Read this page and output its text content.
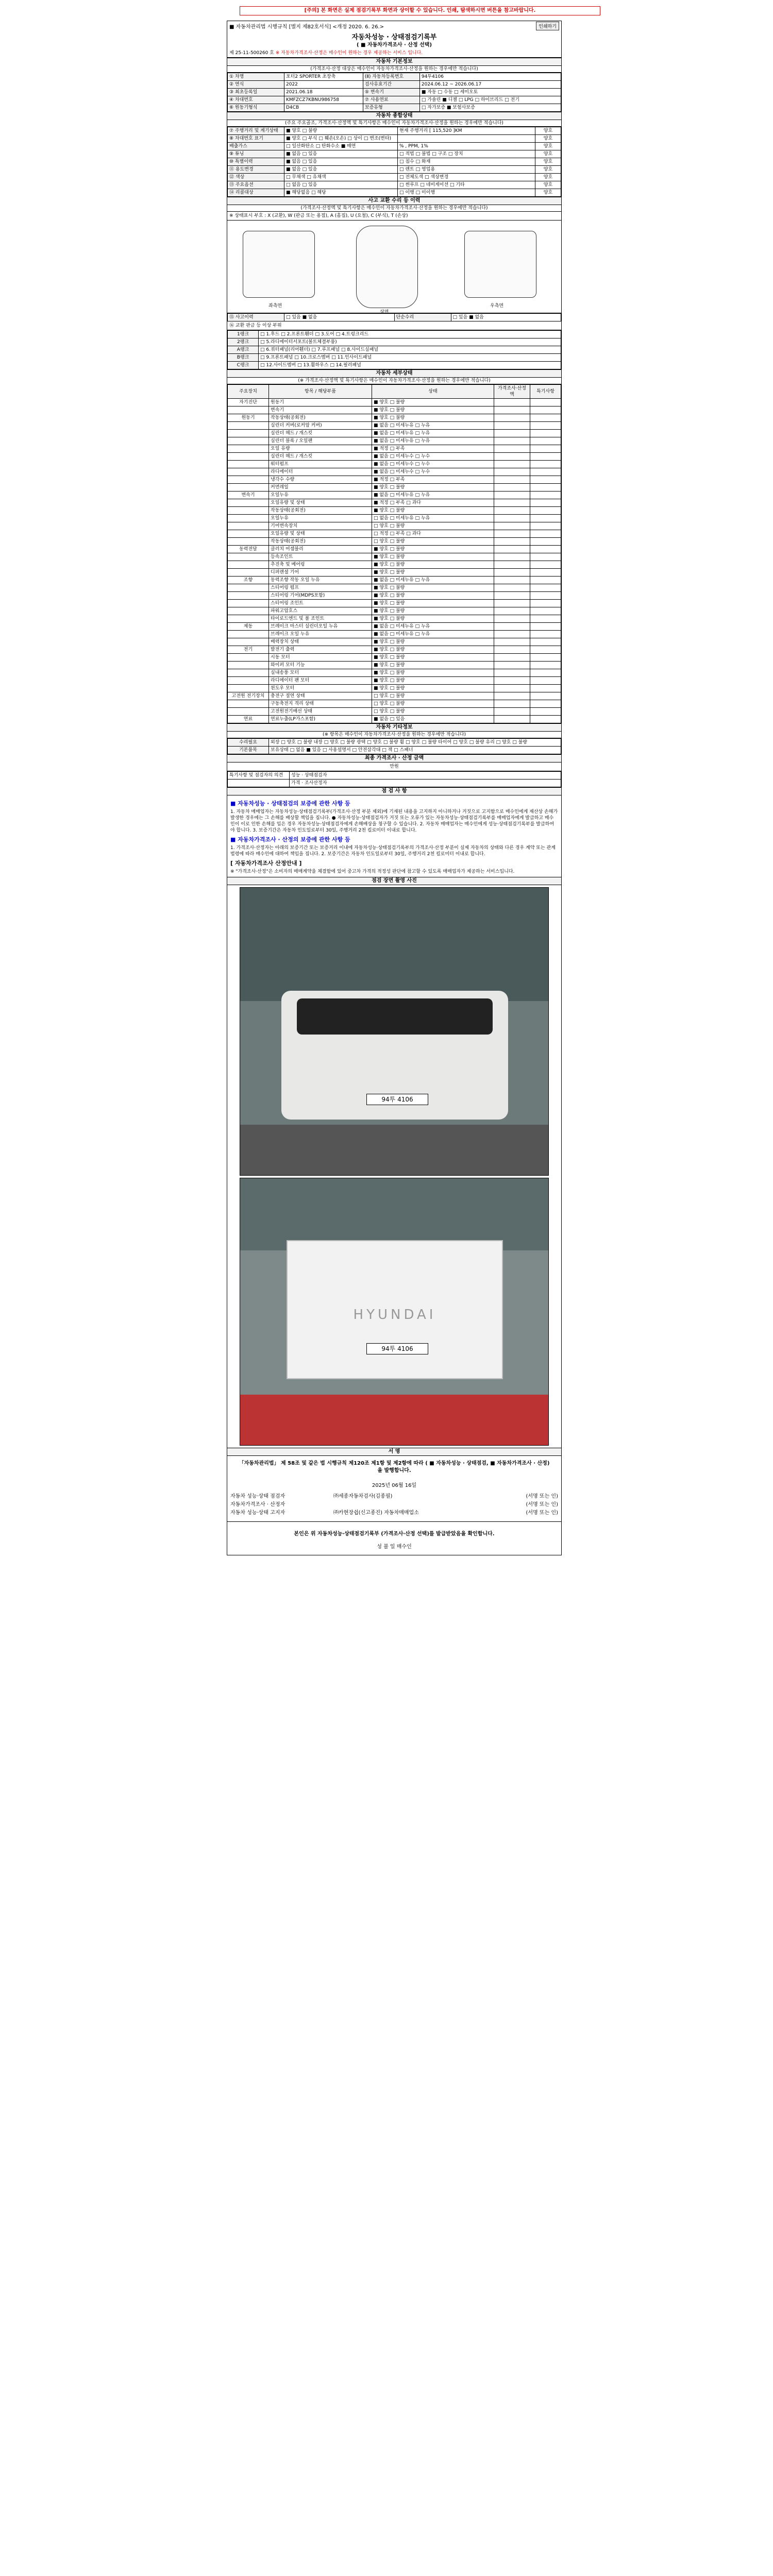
[주의] 본 화면은 실제 점검기록부 화면과 상이할 수 있습니다. 인쇄, 탐색하시면 버튼을 참고바랍니다.
■ 자동차관리법 시행규칙 [별지 제82호서식] <개정 2020. 6. 26.>	인쇄하기
자동차성능 · 상태점검기록부
( ■ 자동차가격조사 · 산정 선택)
제 25-11-500260 호 ※ 자동차가격조사·산정은 매수인이 원하는 경우 제공하는 서비스 입니다.
자동차 기본정보
(가격조사·산정 대상은 매수인이 자동차가격조사·산정을 원하는 경우에만 적습니다)
① 차명	포터2 SPORTER 초장축	(Ⅱ) 자동차등록번호	94투4106
② 연식	2022	검사유효기간	2024.06.12 ~ 2026.06.17
③ 최초등록일	2021.06.18	⑤ 변속기	■ 자동 □ 수동 □ 세미오토
④ 차대번호	KMFZCZ7KBNU986758	⑦ 사용연료	□ 가솔린 ■ 디젤 □ LPG □ 하이브리드 □ 전기
⑥ 원동기형식	D4CB	보증유형	□ 자가보증 ■ 보험사보증
자동차 종합상태
(주요 주요골조, 가격조사·산정액 및 특기사항은 매수인이 자동차가격조사·산정을 원하는 경우에만 적습니다)
⑦ 주행거리 및 계기상태	■ 양호 □ 불량	현재 주행거리 [ 115,520 ]KM	양호
⑧ 차대번호 표기	■ 양호 □ 부식 □ 훼손(오손) □ 상이 □ 변조(변타)		양호
배출가스	□ 일산화탄소 □ 탄화수소 ■ 매연	% , PPM, 1%	양호
⑨ 튜닝	■ 없음 □ 있음	□ 적법 □ 불법 □ 구조 □ 장치	양호
⑩ 특별이력	■ 없음 □ 있음	□ 침수 □ 화재	양호
⑪ 용도변경	■ 없음 □ 있음	□ 렌트 □ 영업용	양호
⑫ 색상	□ 무채색 □ 유채색	□ 전체도색 □ 색상변경	양호
⑬ 주요옵션	□ 없음 □ 있음	□ 썬루프 □ 네비게이션 □ 기타	양호
⑭ 리콜대상	■ 해당없음 □ 해당	□ 이행 □ 미이행	양호
사고 교환 수리 등 이력
(가격조사·산정액 및 특기사항은 매수인이 자동차가격조사·산정을 원하는 경우에만 적습니다)
※ 상태표시 부호 : X (교환), W (판금 또는 용접), A (흠집), U (요철), C (부식), T (손상)
좌측면
상면
우측면
⑮ 사고이력	□ 있음 ■ 없음	단순수리	□ 있음 ■ 없음
⑯ 교환 판금 등 이상 부위
1랭크	□ 1.후드 □ 2.프론트휀더 □ 3.도어 □ 4.트렁크리드
2랭크	□ 5.라디에이터서포트(볼트체결부품)
A랭크	□ 6.쿼터패널(리어휀더) □ 7.루프패널 □ 8.사이드실패널
B랭크	□ 9.프론트패널 □ 10.크로스멤버 □ 11.인사이드패널
C랭크	□ 12.사이드멤버 □ 13.휠하우스 □ 14.필러패널
자동차 세부상태
(※ 가격조사·산정액 및 특기사항은 매수인이 자동차가격조사·산정을 원하는 경우에만 적습니다)
주요장치	항목 / 해당부품	상태	가격조사·산정액	특기사항
자기진단	원동기	■ 양호 □ 불량		
	변속기	■ 양호 □ 불량		
원동기	작동상태(공회전)	■ 양호 □ 불량		
	실린더 커버(로커암 커버)	■ 없음 □ 미세누유 □ 누유		
	실린더 헤드 / 개스킷	■ 없음 □ 미세누유 □ 누유		
	실린더 블록 / 오일팬	■ 없음 □ 미세누유 □ 누유		
	오일 유량	■ 적정 □ 부족		
	실린더 헤드 / 개스킷	■ 없음 □ 미세누수 □ 누수		
	워터펌프	■ 없음 □ 미세누수 □ 누수		
	라디에이터	■ 없음 □ 미세누수 □ 누수		
	냉각수 수량	■ 적정 □ 부족		
	커먼레일	■ 양호 □ 불량		
변속기	오일누유	■ 없음 □ 미세누유 □ 누유		
	오일유량 및 상태	■ 적정 □ 부족 □ 과다		
	작동상태(공회전)	■ 양호 □ 불량		
	오일누유	□ 없음 □ 미세누유 □ 누유		
	기어변속장치	□ 양호 □ 불량		
	오일유량 및 상태	□ 적정 □ 부족 □ 과다		
	작동상태(공회전)	□ 양호 □ 불량		
동력전달	클러치 어셈블리	■ 양호 □ 불량		
	등속조인트	■ 양호 □ 불량		
	추진축 및 베어링	■ 양호 □ 불량		
	디퍼렌셜 기어	■ 양호 □ 불량		
조향	동력조향 작동 오일 누유	■ 없음 □ 미세누유 □ 누유		
	스티어링 펌프	■ 양호 □ 불량		
	스티어링 기어(MDPS포함)	■ 양호 □ 불량		
	스티어링 조인트	■ 양호 □ 불량		
	파워고압호스	■ 양호 □ 불량		
	타이로드엔드 및 볼 조인트	■ 양호 □ 불량		
제동	브레이크 마스터 실린더오일 누유	■ 없음 □ 미세누유 □ 누유		
	브레이크 오일 누유	■ 없음 □ 미세누유 □ 누유		
	배력장치 상태	■ 양호 □ 불량		
전기	발전기 출력	■ 양호 □ 불량		
	시동 모터	■ 양호 □ 불량		
	와이퍼 모터 기능	■ 양호 □ 불량		
	실내송풍 모터	■ 양호 □ 불량		
	라디에이터 팬 모터	■ 양호 □ 불량		
	윈도우 모터	■ 양호 □ 불량		
고전원 전기장치	충전구 절연 상태	□ 양호 □ 불량		
	구동축전지 격리 상태	□ 양호 □ 불량		
	고전원전기배선 상태	□ 양호 □ 불량		
연료	연료누출(LP가스포함)	■ 없음 □ 있음		
자동차 기타정보
(※ 항목은 매수인이 자동차가격조사·산정을 원하는 경우에만 적습니다)
수리필요	외장 □ 양호 □ 불량 내장 □ 양호 □ 불량 광택 □ 양호 □ 불량 휠 □ 양호 □ 불량 타이어 □ 양호 □ 불량 유리 □ 양호 □ 불량
기본품목	보유상태 □ 없음 ■ 있음 □ 사용설명서 □ 안전삼각대 □ 잭 □ 스패너
최종 가격조사 · 산정 금액
만원
특기사항 및 점검자의 의견	성능 · 상태점검자
	가격 · 조사산정자
점 검 사 항
■ 자동차성능 · 상태점검의 보증에 관한 사항 등

1. 자동차 매매업자는 자동차성능·상태점검기록부(가격조사·산정 부분 제외)에 기재된 내용을 고지하지 아니하거나 거짓으로 고지함으로 매수인에게 재산상 손해가 발생한 경우에는 그 손해를 배상할 책임을 집니다. ● 자동차성능·상태점검자가 거짓 또는 오류가 있는 자동차성능·상태점검기록부를 매매업자에게 발급하고 매수인이 이로 인한 손해를 입은 경우 자동차성능·상태점검자에게 손해배상을 청구할 수 있습니다. 2. 자동차 매매업자는 매수인에게 성능·상태점검기록부를 발급하여야 합니다. 3. 보증기간은 자동차 인도일로부터 30일, 주행거리 2천 킬로미터 이내로 합니다.

■ 자동차가격조사 · 산정의 보증에 관한 사항 등

1. 가격조사·산정자는 아래의 보증기간 또는 보증거리 이내에 자동차성능·상태점검기록부의 가격조사·산정 부분이 실제 자동차의 상태와 다른 경우 계약 또는 관계법령에 따라 매수인에 대하여 책임을 집니다. 2. 보증기간은 자동차 인도일로부터 30일, 주행거리 2천 킬로미터 이내로 합니다.

[ 자동차가격조사 산정안내 ]

※ "가격조사·산정"은 소비자의 매매계약을 체결함에 있어 중고차 가격의 적정성 판단에 참고할 수 있도록 매매업자가 제공하는 서비스입니다.

점검 장면 촬영 사진
94투 4106
HYUNDAI
94투 4106
서 명
「자동차관리법」 제 58조 및 같은 법 시행규칙 제120조 제1항 및 제2항에 따라 ( ■ 자동차성능 · 상태점검, ■ 자동차가격조사 · 산정)을 발행합니다.
2025년 06월 16일
자동차 성능·상태 점검자	㈜세종자동차검사(김종필)	(서명 또는 인)
자동차가격조사 · 산정자		(서명 또는 인)
자동차 성능·상태 고지자	㈜카현장쉽(신고종진) 자동차매매업소	(서명 또는 인)
본인은 위 자동차성능·상태점검기록부 (가격조사·산정 선택)를 발급받았음을 확인합니다.
성 불 일 매수인
